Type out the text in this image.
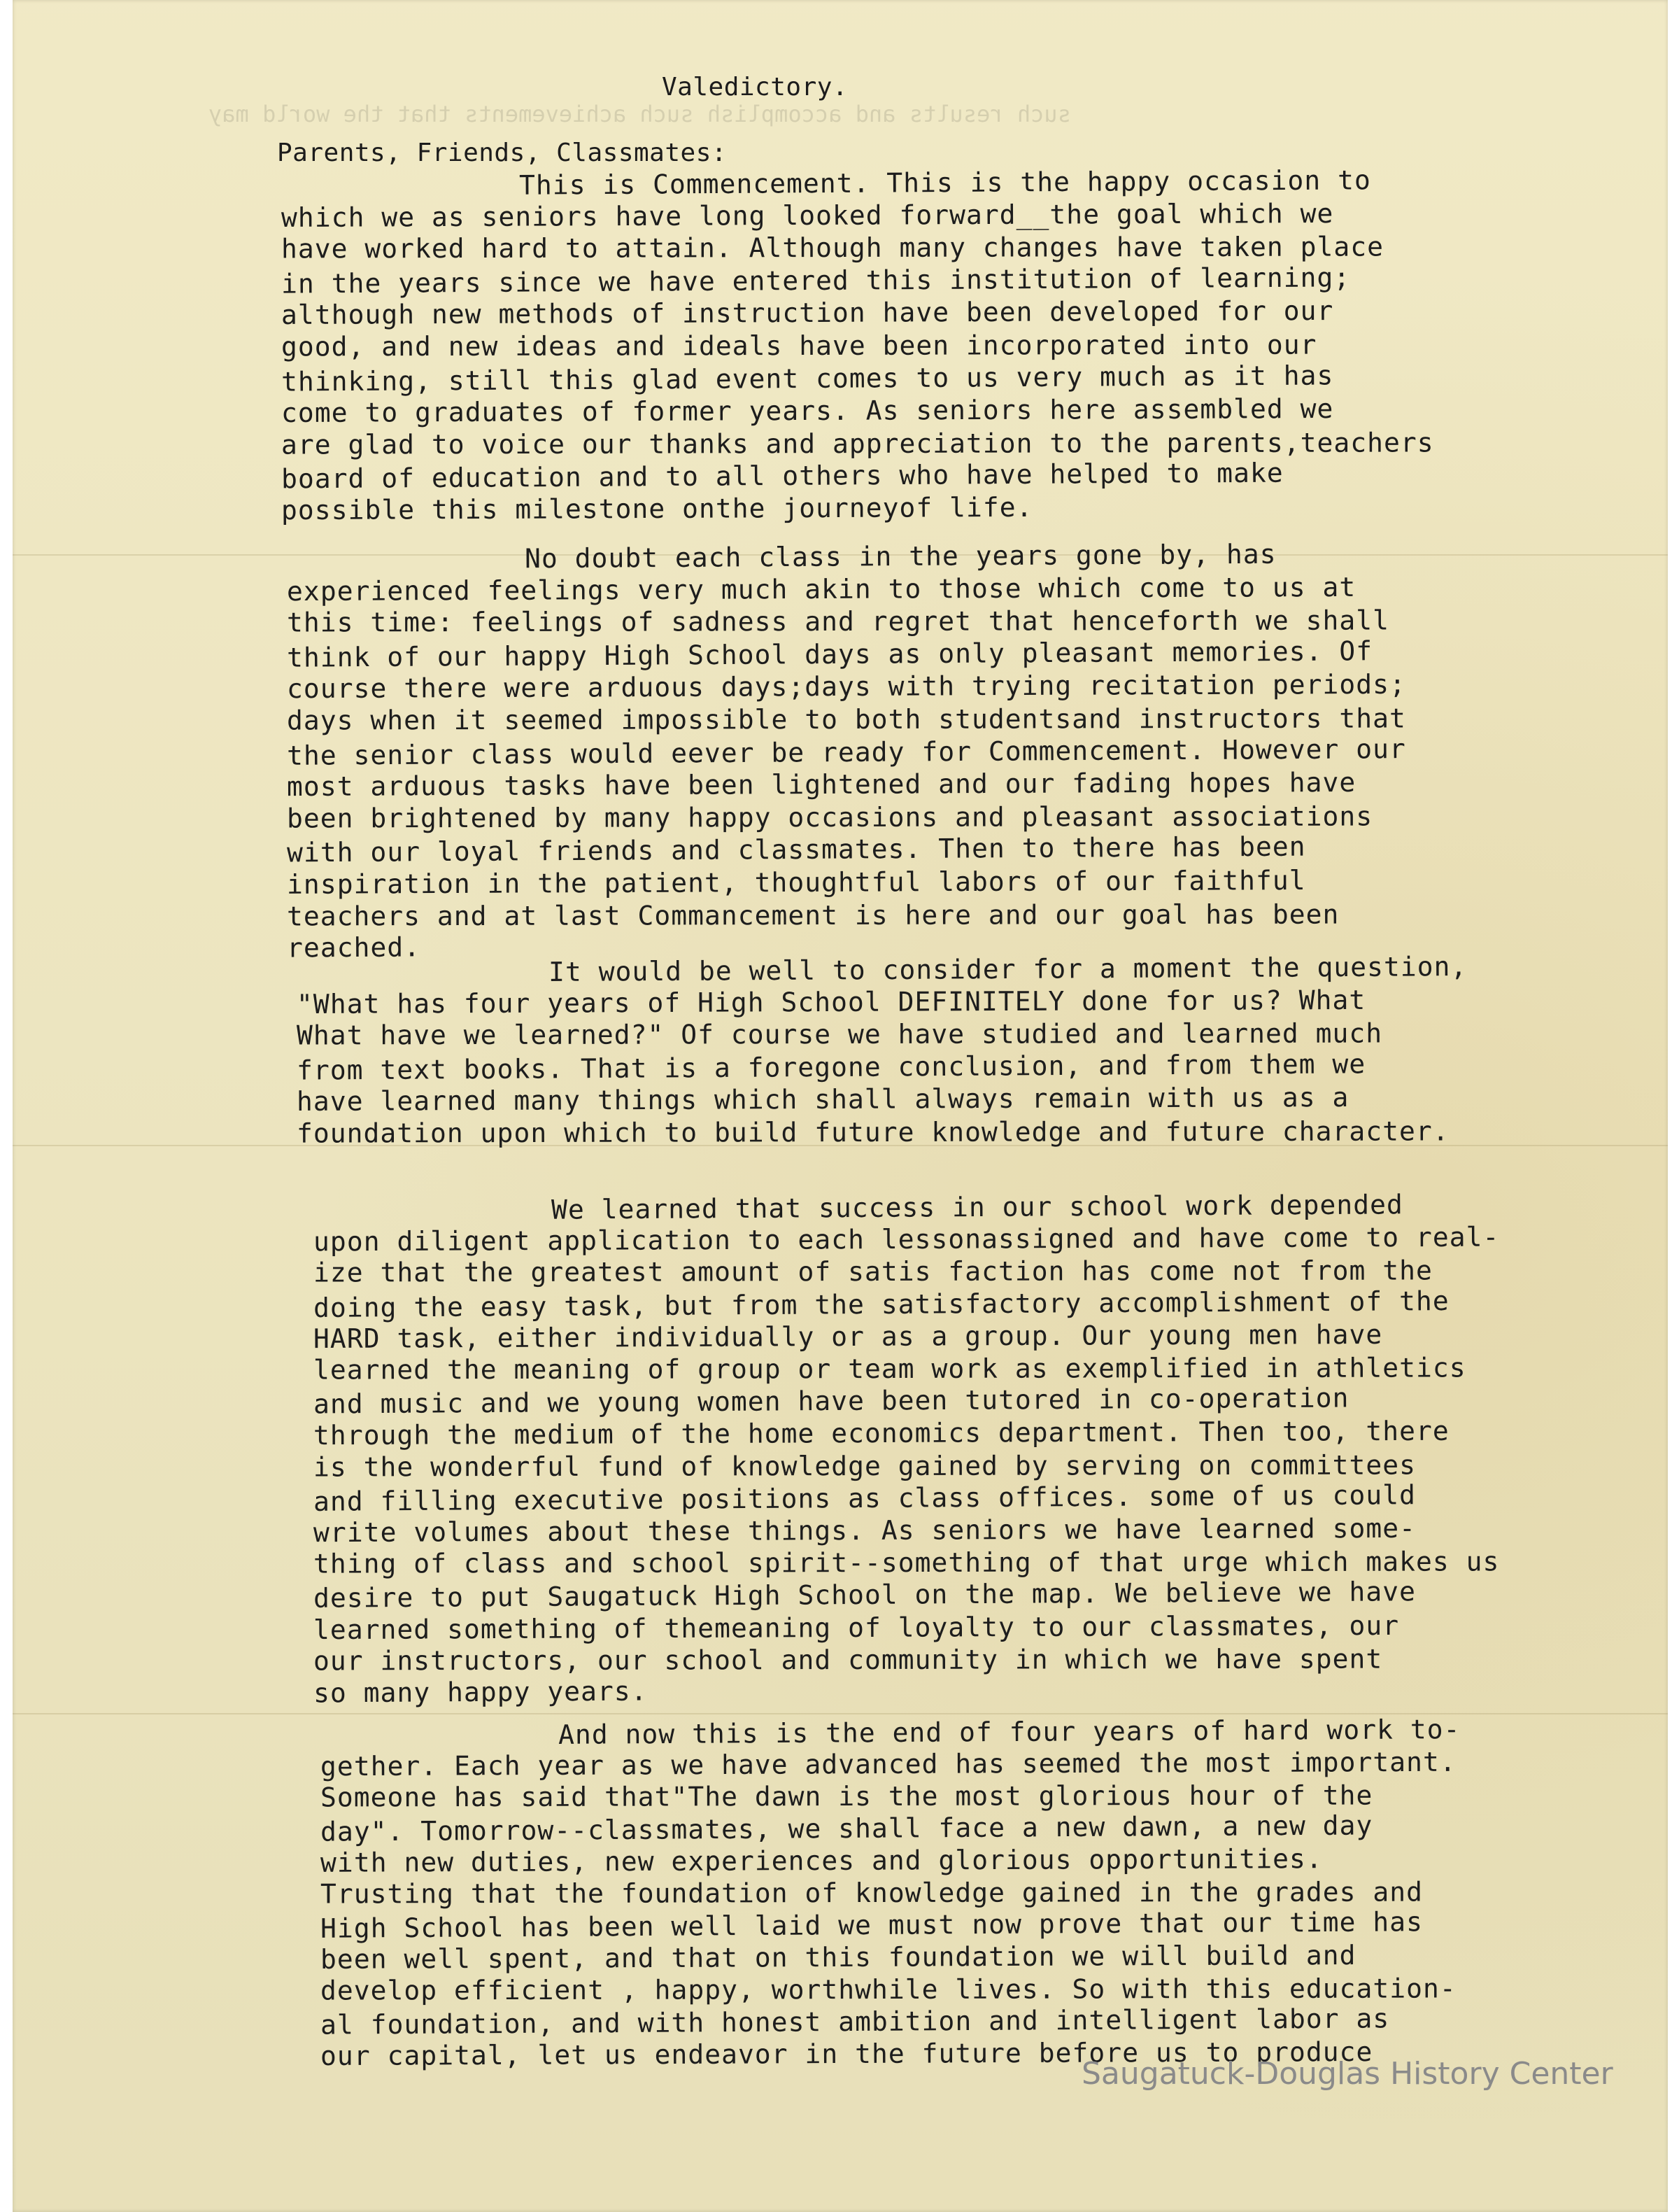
such results and accomplish such achievements that the world may
Valedictory.
Parents, Friends, Classmates:
This is Commencement. This is the happy occasion to
which we as seniors have long looked forward__the goal which we
have worked hard to attain. Although many changes have taken place
in the years since we have entered this institution of learning;
although new methods of instruction have been developed for our
good, and new ideas and ideals have been incorporated into our
thinking, still this glad event comes to us very much as it has
come to graduates of former years. As seniors here assembled we
are glad to voice our thanks and appreciation to the parents,teachers
board of education and to all others who have helped to make
possible this milestone onthe journeyof life.
No doubt each class in the years gone by, has
experienced feelings very much akin to those which come to us at
this time: feelings of sadness and regret that henceforth we shall
think of our happy High School days as only pleasant memories. Of
course there were arduous days;days with trying recitation periods;
days when it seemed impossible to both studentsand instructors that
the senior class would eever be ready for Commencement. However our
most arduous tasks have been lightened and our fading hopes have
been brightened by many happy occasions and pleasant associations
with our loyal friends and classmates. Then to there has been
inspiration in the patient, thoughtful labors of our faithful
teachers and at last Commancement is here and our goal has been
reached.
It would be well to consider for a moment the question,
"What has four years of High School DEFINITELY done for us? What
What have we learned?" Of course we have studied and learned much
from text books. That is a foregone conclusion, and from them we
have learned many things which shall always remain with us as a
foundation upon which to build future knowledge and future character.
We learned that success in our school work depended
upon diligent application to each lessonassigned and have come to real-
ize that the greatest amount of satis faction has come not from the
doing the easy task, but from the satisfactory accomplishment of the
HARD task, either individually or as a group. Our young men have
learned the meaning of group or team work as exemplified in athletics
and music and we young women have been tutored in co-operation
through the medium of the home economics department. Then too, there
is the wonderful fund of knowledge gained by serving on committees
and filling executive positions as class offices. some of us could
write volumes about these things. As seniors we have learned some-
thing of class and school spirit--something of that urge which makes us
desire to put Saugatuck High School on the map. We believe we have
learned something of themeaning of loyalty to our classmates, our
our instructors, our school and community in which we have spent
so many happy years.
And now this is the end of four years of hard work to-
gether. Each year as we have advanced has seemed the most important.
Someone has said that"The dawn is the most glorious hour of the
day". Tomorrow--classmates, we shall face a new dawn, a new day
with new duties, new experiences and glorious opportunities.
Trusting that the foundation of knowledge gained in the grades and
High School has been well laid we must now prove that our time has
been well spent, and that on this foundation we will build and
develop efficient , happy, worthwhile lives. So with this education-
al foundation, and with honest ambition and intelligent labor as
our capital, let us endeavor in the future before us to produce
Saugatuck-Douglas History Center
